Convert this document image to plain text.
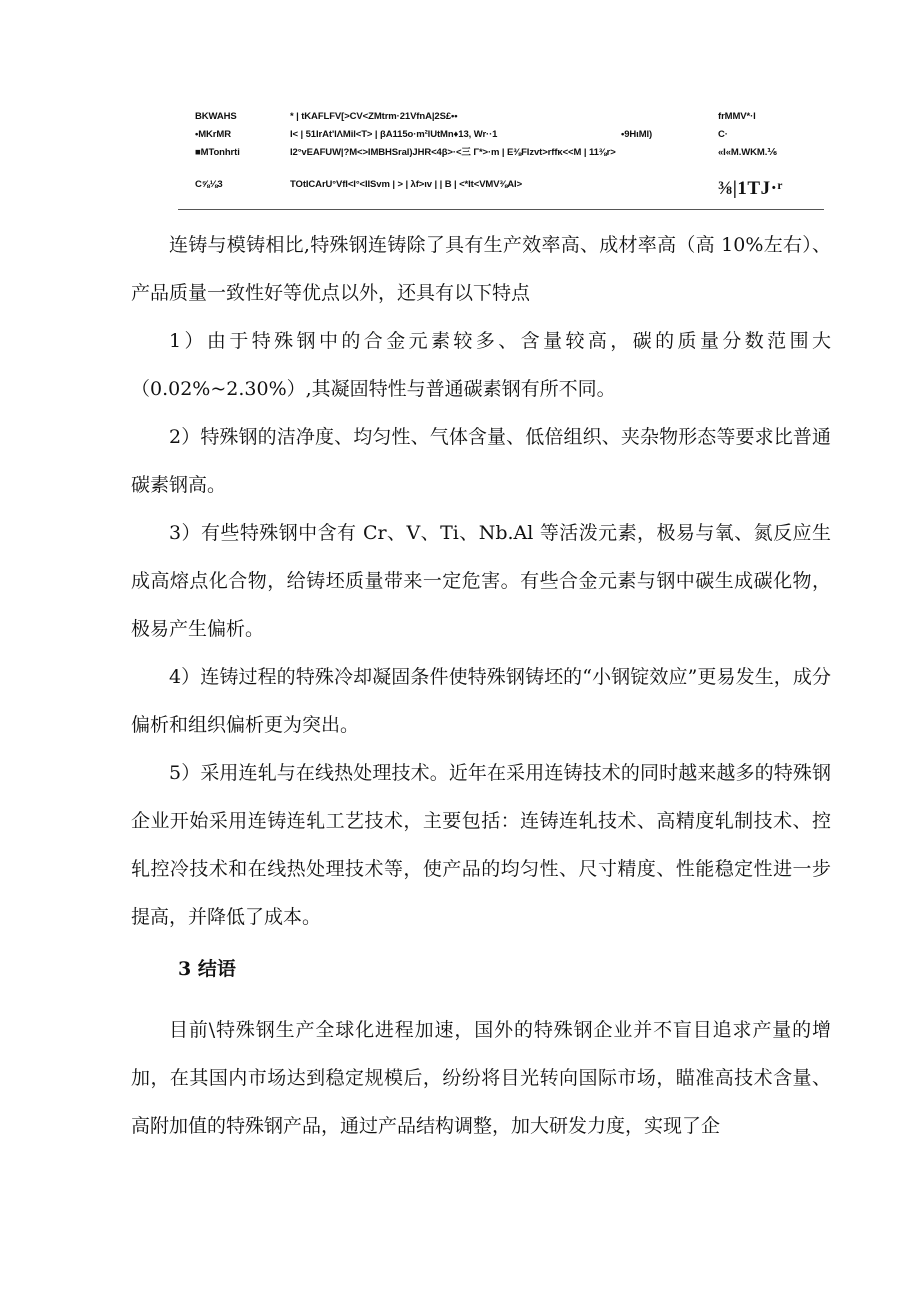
BKWAHS	* | tKAFLFV[>CV<ZMtrm·21VfnA|2S£••	frMMV*·l
•MKrMR	I< | 51IrAt'lΛMil<T> | βA115o·m²lUtMn♦13, Wr··1	•9HιMl)	C·
■MTonhrti	I2°vEAFUW|?M<>IMBHSral)JHR<4β>·<三 Γ*>·m | E⅜FIzvt>rffκ<<M | 11⅜r>	«I«M.WKM.⅙
C⅝⅛3	TOtICArU°VfI<I°<IISvm | > | λf>ιv | | B | <*It<VMV⅜AI>	⅜|1TJ·ʳ

连铸与模铸相比,特殊钢连铸除了具有生产效率高、成材率高（高 10%左右）、产品质量一致性好等优点以外，还具有以下特点

1）由于特殊钢中的合金元素较多、含量较高，碳的质量分数范围大（0.02%~2.30%）,其凝固特性与普通碳素钢有所不同。

2）特殊钢的洁净度、均匀性、气体含量、低倍组织、夹杂物形态等要求比普通碳素钢高。

3）有些特殊钢中含有 Cr、V、Ti、Nb.Al 等活泼元素，极易与氧、氮反应生成高熔点化合物，给铸坯质量带来一定危害。有些合金元素与钢中碳生成碳化物，极易产生偏析。

4）连铸过程的特殊冷却凝固条件使特殊钢铸坯的“小钢锭效应”更易发生，成分偏析和组织偏析更为突出。

5）采用连轧与在线热处理技术。近年在采用连铸技术的同时越来越多的特殊钢企业开始采用连铸连轧工艺技术，主要包括：连铸连轧技术、高精度轧制技术、控轧控冷技术和在线热处理技术等，使产品的均匀性、尺寸精度、性能稳定性进一步提高，并降低了成本。

3 结语

目前\特殊钢生产全球化进程加速，国外的特殊钢企业并不盲目追求产量的增加，在其国内市场达到稳定规模后，纷纷将目光转向国际市场，瞄准高技术含量、高附加值的特殊钢产品，通过产品结构调整，加大研发力度，实现了企
